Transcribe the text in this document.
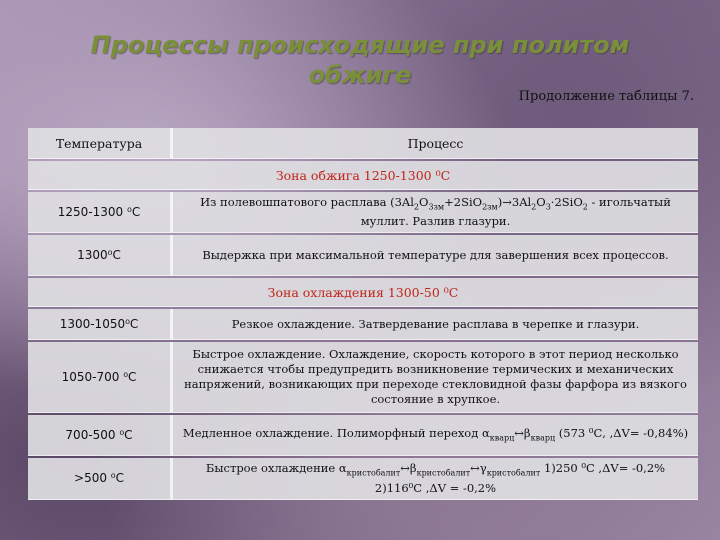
Процессы происходящие при политом обжиге
Продолжение таблицы 7.
Температура	Процесс
Зона обжига 1250-1300 ⁰С	
1250-1300 ⁰С	Из полевошпатового расплава $(3Al_2O_{3зм}+2SiO_{2зм})\to 3Al_2O_3\cdot 2SiO_2$ - игольчатый муллит. Разлив глазури.
1300⁰С	Выдержка при максимальной температуре для завершения всех процессов.
Зона охлаждения 1300-50 ⁰С	
1300-1050⁰С	Резкое охлаждение. Затвердевание расплава в черепке и глазури.
1050-700 ⁰С	Быстрое охлаждение. Охлаждение, скорость которого в этот период несколько снижается чтобы предупредить возникновение термических и механических напряжений, возникающих при переходе стекловидной фазы фарфора из вязкого состояние в хрупкое.
700-500 ⁰С	Медленное охлаждение. Полиморфный переход $\alpha_{кварц}\leftrightarrow\beta_{кварц}$ (573 ⁰С, ,ΔV= -0,84%)
>500 ⁰С	Быстрое охлаждение $\alpha_{кристобалит}\leftrightarrow\beta_{кристобалит}\leftrightarrow\gamma_{кристобалит}$ 1)250 ⁰С ,ΔV= -0,2%
2)116⁰С ,ΔV = -0,2%
